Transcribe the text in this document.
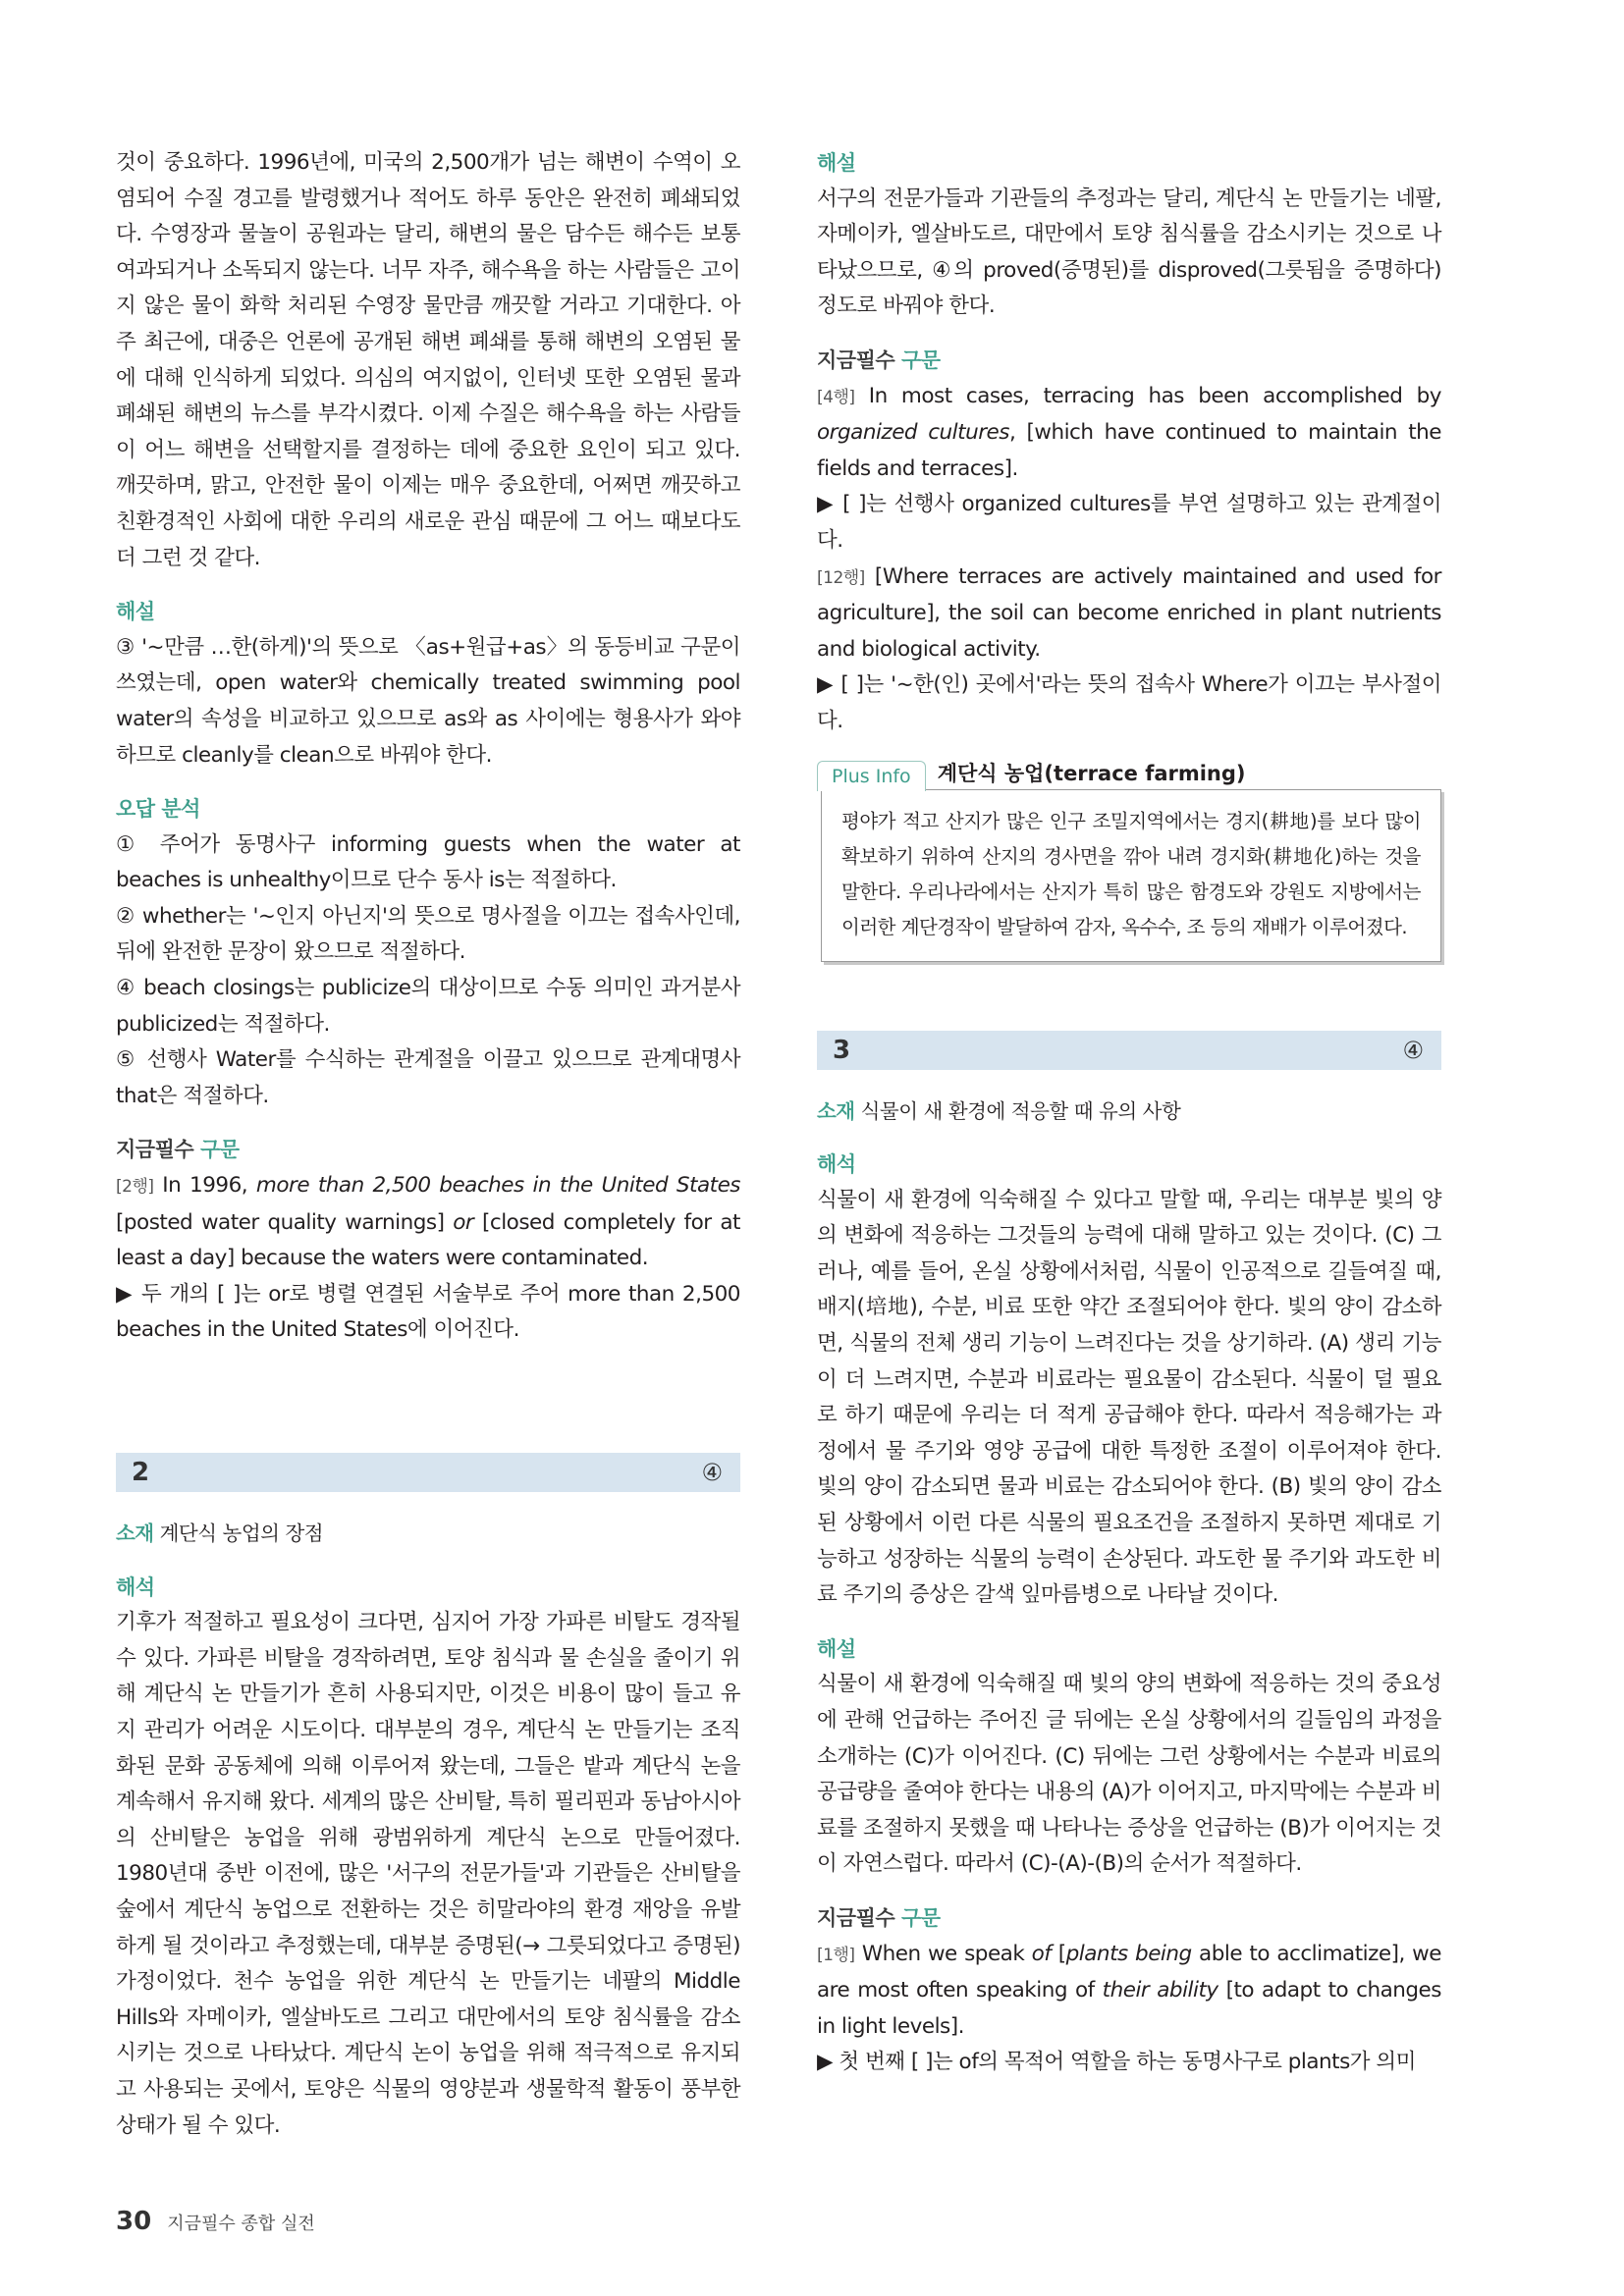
것이 중요하다. 1996년에, 미국의 2,500개가 넘는 해변이 수역이 오염되어 수질 경고를 발령했거나 적어도 하루 동안은 완전히 폐쇄되었다. 수영장과 물놀이 공원과는 달리, 해변의 물은 담수든 해수든 보통 여과되거나 소독되지 않는다. 너무 자주, 해수욕을 하는 사람들은 고이지 않은 물이 화학 처리된 수영장 물만큼 깨끗할 거라고 기대한다. 아주 최근에, 대중은 언론에 공개된 해변 폐쇄를 통해 해변의 오염된 물에 대해 인식하게 되었다. 의심의 여지없이, 인터넷 또한 오염된 물과 폐쇄된 해변의 뉴스를 부각시켰다. 이제 수질은 해수욕을 하는 사람들이 어느 해변을 선택할지를 결정하는 데에 중요한 요인이 되고 있다. 깨끗하며, 맑고, 안전한 물이 이제는 매우 중요한데, 어쩌면 깨끗하고 친환경적인 사회에 대한 우리의 새로운 관심 때문에 그 어느 때보다도 더 그런 것 같다.

해설

③ '~만큼 …한(하게)'의 뜻으로 〈as+원급+as〉의 동등비교 구문이 쓰였는데, open water와 chemically treated swimming pool water의 속성을 비교하고 있으므로 as와 as 사이에는 형용사가 와야 하므로 cleanly를 clean으로 바꿔야 한다.

오답 분석

① 주어가 동명사구 informing guests when the water at beaches is unhealthy이므로 단수 동사 is는 적절하다.

② whether는 '~인지 아닌지'의 뜻으로 명사절을 이끄는 접속사인데, 뒤에 완전한 문장이 왔으므로 적절하다.

④ beach closings는 publicize의 대상이므로 수동 의미인 과거분사 publicized는 적절하다.

⑤ 선행사 Water를 수식하는 관계절을 이끌고 있으므로 관계대명사 that은 적절하다.

지금필수 구문

[2행] In 1996, more than 2,500 beaches in the United States [posted water quality warnings] or [closed completely for at least a day] because the waters were contaminated.

▶ 두 개의 [ ]는 or로 병렬 연결된 서술부로 주어 more than 2,500 beaches in the United States에 이어진다.

2	④

소재 계단식 농업의 장점

해석

기후가 적절하고 필요성이 크다면, 심지어 가장 가파른 비탈도 경작될 수 있다. 가파른 비탈을 경작하려면, 토양 침식과 물 손실을 줄이기 위해 계단식 논 만들기가 흔히 사용되지만, 이것은 비용이 많이 들고 유지 관리가 어려운 시도이다. 대부분의 경우, 계단식 논 만들기는 조직화된 문화 공동체에 의해 이루어져 왔는데, 그들은 밭과 계단식 논을 계속해서 유지해 왔다. 세계의 많은 산비탈, 특히 필리핀과 동남아시아의 산비탈은 농업을 위해 광범위하게 계단식 논으로 만들어졌다. 1980년대 중반 이전에, 많은 '서구의 전문가들'과 기관들은 산비탈을 숲에서 계단식 농업으로 전환하는 것은 히말라야의 환경 재앙을 유발하게 될 것이라고 추정했는데, 대부분 증명된(→ 그릇되었다고 증명된) 가정이었다. 천수 농업을 위한 계단식 논 만들기는 네팔의 Middle Hills와 자메이카, 엘살바도르 그리고 대만에서의 토양 침식률을 감소시키는 것으로 나타났다. 계단식 논이 농업을 위해 적극적으로 유지되고 사용되는 곳에서, 토양은 식물의 영양분과 생물학적 활동이 풍부한 상태가 될 수 있다.

해설

서구의 전문가들과 기관들의 추정과는 달리, 계단식 논 만들기는 네팔, 자메이카, 엘살바도르, 대만에서 토양 침식률을 감소시키는 것으로 나타났으므로, ④의 proved(증명된)를 disproved(그릇됨을 증명하다) 정도로 바꿔야 한다.

지금필수 구문

[4행] In most cases, terracing has been accomplished by organized cultures, [which have continued to maintain the fields and terraces].

▶ [ ]는 선행사 organized cultures를 부연 설명하고 있는 관계절이다.

[12행] [Where terraces are actively maintained and used for agriculture], the soil can become enriched in plant nutrients and biological activity.

▶ [ ]는 '~한(인) 곳에서'라는 뜻의 접속사 Where가 이끄는 부사절이다.

Plus Info 계단식 농업(terrace farming)

평야가 적고 산지가 많은 인구 조밀지역에서는 경지(耕地)를 보다 많이 확보하기 위하여 산지의 경사면을 깎아 내려 경지화(耕地化)하는 것을 말한다. 우리나라에서는 산지가 특히 많은 함경도와 강원도 지방에서는 이러한 계단경작이 발달하여 감자, 옥수수, 조 등의 재배가 이루어졌다.

3	④

소재 식물이 새 환경에 적응할 때 유의 사항

해석

식물이 새 환경에 익숙해질 수 있다고 말할 때, 우리는 대부분 빛의 양의 변화에 적응하는 그것들의 능력에 대해 말하고 있는 것이다. (C) 그러나, 예를 들어, 온실 상황에서처럼, 식물이 인공적으로 길들여질 때, 배지(培地), 수분, 비료 또한 약간 조절되어야 한다. 빛의 양이 감소하면, 식물의 전체 생리 기능이 느려진다는 것을 상기하라. (A) 생리 기능이 더 느려지면, 수분과 비료라는 필요물이 감소된다. 식물이 덜 필요로 하기 때문에 우리는 더 적게 공급해야 한다. 따라서 적응해가는 과정에서 물 주기와 영양 공급에 대한 특정한 조절이 이루어져야 한다. 빛의 양이 감소되면 물과 비료는 감소되어야 한다. (B) 빛의 양이 감소된 상황에서 이런 다른 식물의 필요조건을 조절하지 못하면 제대로 기능하고 성장하는 식물의 능력이 손상된다. 과도한 물 주기와 과도한 비료 주기의 증상은 갈색 잎마름병으로 나타날 것이다.

해설

식물이 새 환경에 익숙해질 때 빛의 양의 변화에 적응하는 것의 중요성에 관해 언급하는 주어진 글 뒤에는 온실 상황에서의 길들임의 과정을 소개하는 (C)가 이어진다. (C) 뒤에는 그런 상황에서는 수분과 비료의 공급량을 줄여야 한다는 내용의 (A)가 이어지고, 마지막에는 수분과 비료를 조절하지 못했을 때 나타나는 증상을 언급하는 (B)가 이어지는 것이 자연스럽다. 따라서 (C)-(A)-(B)의 순서가 적절하다.

지금필수 구문

[1행] When we speak of [plants being able to acclimatize], we are most often speaking of their ability [to adapt to changes in light levels].

▶ 첫 번째 [ ]는 of의 목적어 역할을 하는 동명사구로 plants가 의미

30 지금필수 종합 실전
